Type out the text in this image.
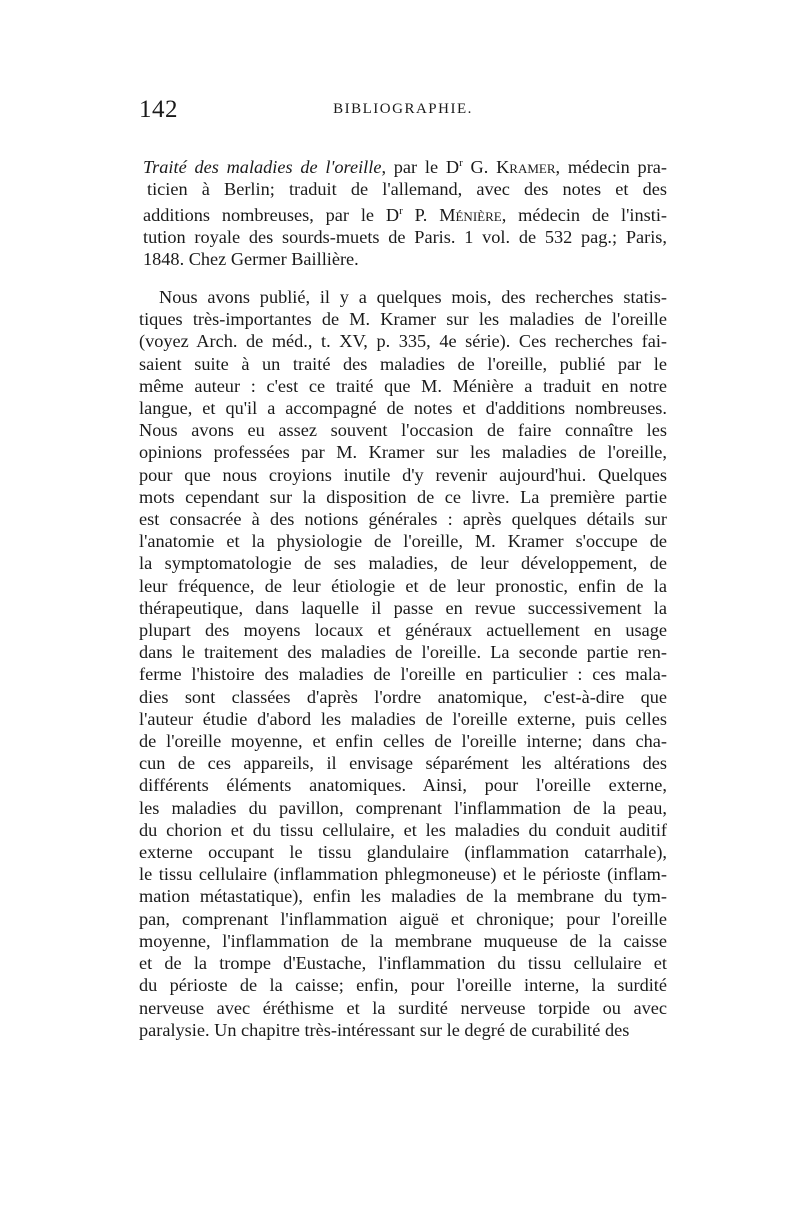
142	BIBLIOGRAPHIE.
Traité des maladies de l'oreille, par le $D^r$ G. Kramer, médecin pra-
ticien à Berlin; traduit de l'allemand, avec des notes et des
additions nombreuses, par le $D^r$ P. Ménière, médecin de l'insti-
tution royale des sourds-muets de Paris. 1 vol. de 532 pag.; Paris,
1848. Chez Germer Baillière.
Nous avons publié, il y a quelques mois, des recherches statis-
tiques très-importantes de M. Kramer sur les maladies de l'oreille
(voyez Arch. de méd., t. XV, p. 335, 4e série). Ces recherches fai-
saient suite à un traité des maladies de l'oreille, publié par le
même auteur : c'est ce traité que M. Ménière a traduit en notre
langue, et qu'il a accompagné de notes et d'additions nombreuses.
Nous avons eu assez souvent l'occasion de faire connaître les
opinions professées par M. Kramer sur les maladies de l'oreille,
pour que nous croyions inutile d'y revenir aujourd'hui. Quelques
mots cependant sur la disposition de ce livre. La première partie
est consacrée à des notions générales : après quelques détails sur
l'anatomie et la physiologie de l'oreille, M. Kramer s'occupe de
la symptomatologie de ses maladies, de leur développement, de
leur fréquence, de leur étiologie et de leur pronostic, enfin de la
thérapeutique, dans laquelle il passe en revue successivement la
plupart des moyens locaux et généraux actuellement en usage
dans le traitement des maladies de l'oreille. La seconde partie ren-
ferme l'histoire des maladies de l'oreille en particulier : ces mala-
dies sont classées d'après l'ordre anatomique, c'est-à-dire que
l'auteur étudie d'abord les maladies de l'oreille externe, puis celles
de l'oreille moyenne, et enfin celles de l'oreille interne; dans cha-
cun de ces appareils, il envisage séparément les altérations des
différents éléments anatomiques. Ainsi, pour l'oreille externe,
les maladies du pavillon, comprenant l'inflammation de la peau,
du chorion et du tissu cellulaire, et les maladies du conduit auditif
externe occupant le tissu glandulaire (inflammation catarrhale),
le tissu cellulaire (inflammation phlegmoneuse) et le périoste (inflam-
mation métastatique), enfin les maladies de la membrane du tym-
pan, comprenant l'inflammation aiguë et chronique; pour l'oreille
moyenne, l'inflammation de la membrane muqueuse de la caisse
et de la trompe d'Eustache, l'inflammation du tissu cellulaire et
du périoste de la caisse; enfin, pour l'oreille interne, la surdité
nerveuse avec éréthisme et la surdité nerveuse torpide ou avec
paralysie. Un chapitre très-intéressant sur le degré de curabilité des
